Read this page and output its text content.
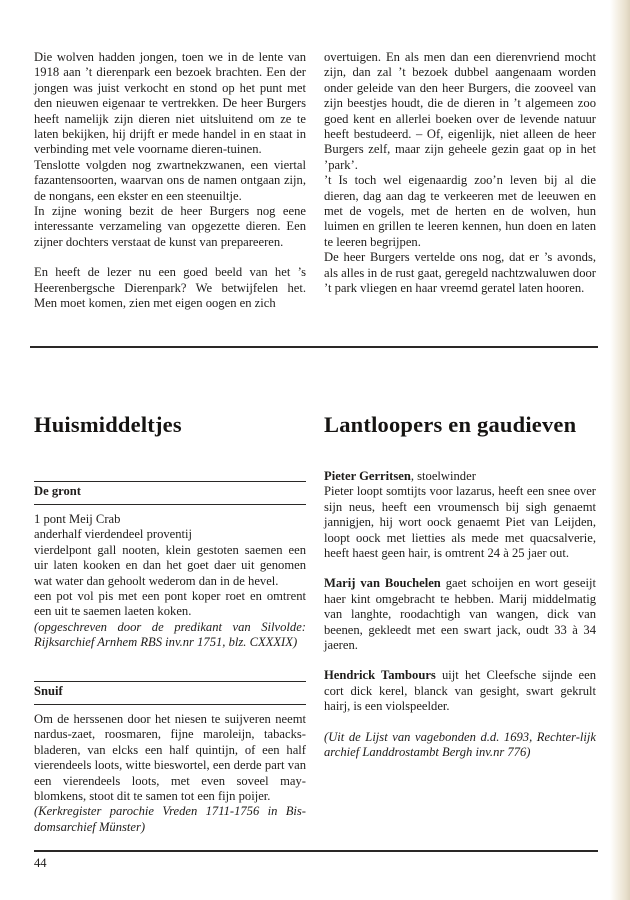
Die wolven hadden jongen, toen we in de lente van 1918 aan ’t dierenpark een bezoek brachten. Een der jongen was juist verkocht en stond op het punt met den nieuwen eigenaar te vertrekken. De heer Burgers heeft namelijk zijn dieren niet uitsluitend om ze te laten bekijken, hij drijft er mede handel in en staat in verbinding met vele voorname dieren-tuinen.

Tenslotte volgden nog zwartnekzwanen, een viertal fazantensoorten, waarvan ons de namen ontgaan zijn, de nongans, een ekster en een steenuiltje.

In zijne woning bezit de heer Burgers nog eene interessante verzameling van opgezette dieren. Een zijner dochters verstaat de kunst van prepareeren.

En heeft de lezer nu een goed beeld van het ’s Heerenbergsche Dierenpark? We betwijfelen het. Men moet komen, zien met eigen oogen en zich

overtuigen. En als men dan een dierenvriend mocht zijn, dan zal ’t bezoek dubbel aangenaam worden onder geleide van den heer Burgers, die zooveel van zijn beestjes houdt, die de dieren in ’t algemeen zoo goed kent en allerlei boeken over de levende natuur heeft bestudeerd. – Of, eigenlijk, niet alleen de heer Burgers zelf, maar zijn geheele gezin gaat op in het ’park’.

’t Is toch wel eigenaardig zoo’n leven bij al die dieren, dag aan dag te verkeeren met de leeuwen en met de vogels, met de herten en de wolven, hun luimen en grillen te leeren kennen, hun doen en laten te leeren begrijpen.

De heer Burgers vertelde ons nog, dat er ’s avonds, als alles in de rust gaat, geregeld nachtzwaluwen door ’t park vliegen en haar vreemd geratel laten hooren.

Huismiddeltjes
De gront

1 pont Meij Crab

anderhalf vierdendeel proventij

vierdelpont gall nooten, klein gestoten saemen een uir laten kooken en dan het goet daer uit genomen wat water dan gehoolt wederom dan in de hevel.

een pot vol pis met een pont koper roet en omtrent een uit te saemen laeten koken.

(opgeschreven door de predikant van Silvolde: Rijksarchief Arnhem RBS inv.nr 1751, blz. CXXXIX)

Snuif

Om de herssenen door het niesen te suijveren neemt nardus-zaet, roosmaren, fijne maroleijn, tabacks-bladeren, van elcks een half quintijn, of een half vierendeels loots, witte bieswortel, een derde part van een vierendeels loots, met even soveel may-blomkens, stoot dit te samen tot een fijn poijer.

(Kerkregister parochie Vreden 1711-1756 in Bis-domsarchief Münster)

Lantloopers en gaudieven

Pieter Gerritsen, stoelwinder
Pieter loopt somtijts voor lazarus, heeft een snee over sijn neus, heeft een vroumensch bij sigh genaemt jannigjen, hij wort oock genaemt Piet van Leijden, loopt oock met lietties als mede met quacsalverie, heeft haest geen hair, is omtrent 24 à 25 jaer out.

Marij van Bouchelen gaet schoijen en wort geseijt haer kint omgebracht te hebben. Marij middelmatig van langhte, roodachtigh van wangen, dick van beenen, gekleedt met een swart jack, oudt 33 à 34 jaeren.

Hendrick Tambours uijt het Cleefsche sijnde een cort dick kerel, blanck van gesight, swart gekrult hairj, is een violspeelder.

(Uit de Lijst van vagebonden d.d. 1693, Rechter-lijk archief Landdrostambt Bergh inv.nr 776)

44
